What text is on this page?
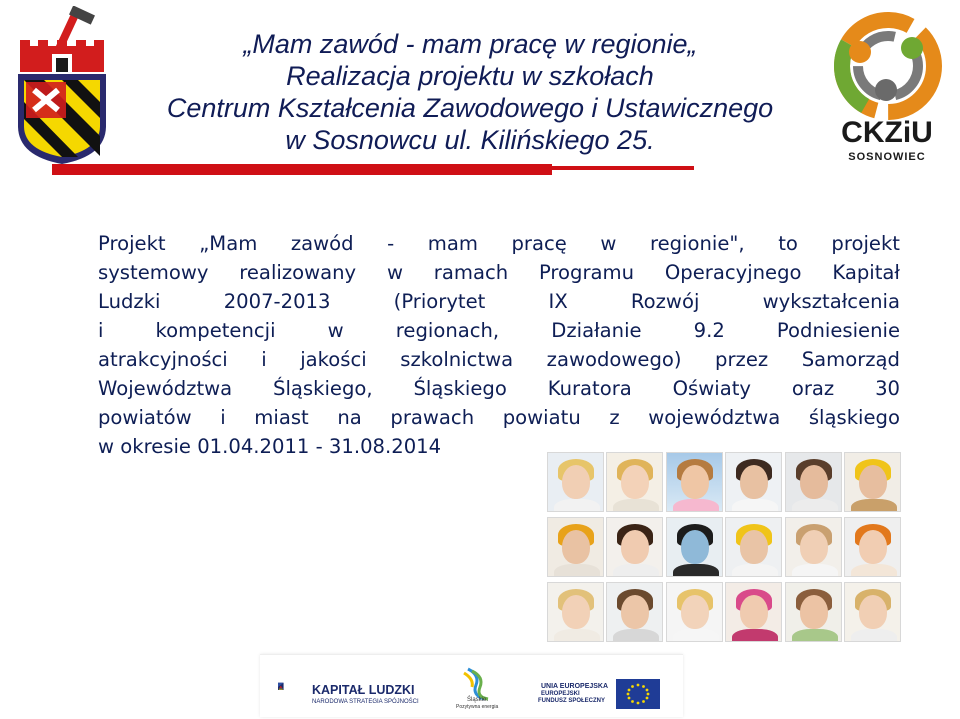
„Mam zawód - mam pracę w regionie„
Realizacja projektu w szkołach
Centrum Kształcenia Zawodowego i Ustawicznego
w Sosnowcu ul. Kilińskiego 25.	CKZiU
SOSNOWIEC
Projekt „Mam zawód - mam pracę w regionie", to projekt
systemowy realizowany w ramach Programu Operacyjnego Kapitał
Ludzki 2007-2013 (Priorytet IX Rozwój wykształcenia
i kompetencji w regionach, Działanie 9.2 Podniesienie
atrakcyjności i jakości szkolnictwa zawodowego) przez Samorząd
Województwa Śląskiego, Śląskiego Kuratora Oświaty oraz 30
powiatów i miast na prawach powiatu z województwa śląskiego
w okresie 01.04.2011 - 31.08.2014
KAPITAŁ LUDZKI
NARODOWA STRATEGIA SPÓJNOŚCI	Śląskie.
Pozytywna energia
UNIA EUROPEJSKA
EUROPEJSKI
FUNDUSZ SPOŁECZNY
